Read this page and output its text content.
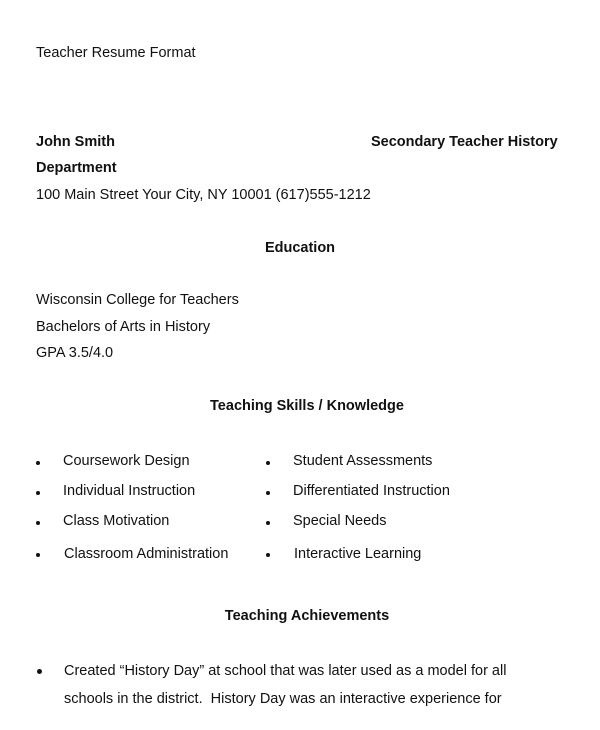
Teacher Resume Format
John Smith	Secondary Teacher History
Department
100 Main Street Your City, NY 10001 (617)555-1212
Education
Wisconsin College for Teachers
Bachelors of Arts in History
GPA 3.5/4.0
Teaching Skills / Knowledge
Coursework Design
Individual Instruction
Class Motivation
Classroom Administration
Student Assessments
Differentiated Instruction
Special Needs
Interactive Learning
Teaching Achievements
Created “History Day” at school that was later used as a model for all
schools in the district.  History Day was an interactive experience for
